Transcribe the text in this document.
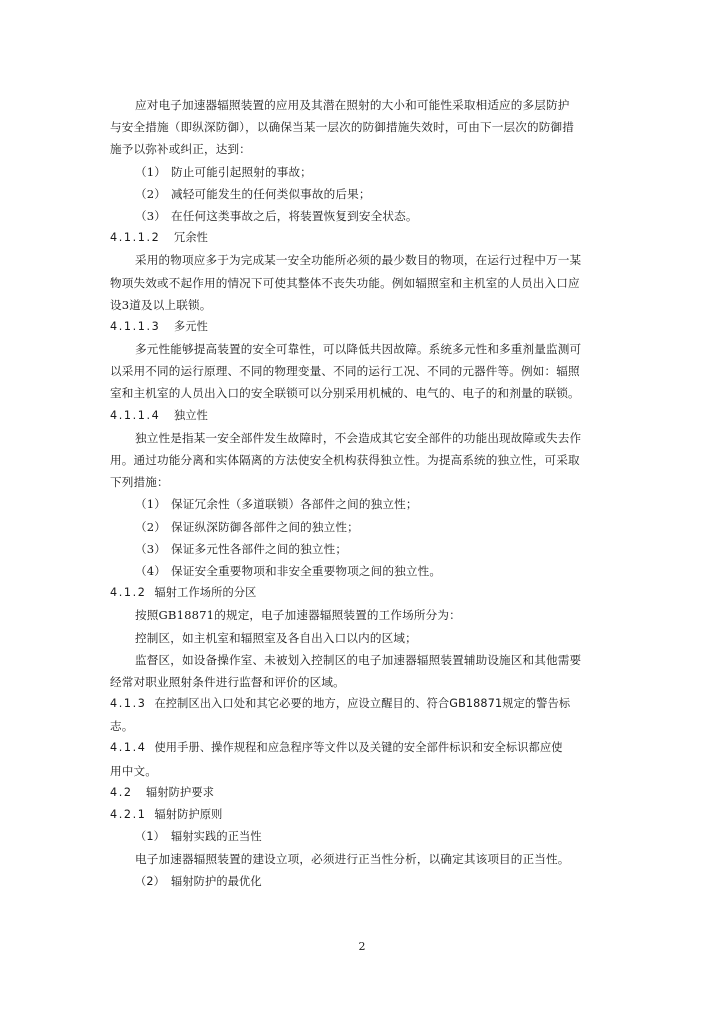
应对电子加速器辐照装置的应用及其潜在照射的大小和可能性采取相适应的多层防护
与安全措施（即纵深防御），以确保当某一层次的防御措施失效时，可由下一层次的防御措
施予以弥补或纠正，达到：
（1） 防止可能引起照射的事故；
（2） 减轻可能发生的任何类似事故的后果；
（3） 在任何这类事故之后，将装置恢复到安全状态。
4.1.1.2 冗余性
采用的物项应多于为完成某一安全功能所必须的最少数目的物项，在运行过程中万一某
物项失效或不起作用的情况下可使其整体不丧失功能。例如辐照室和主机室的人员出入口应
设3道及以上联锁。
4.1.1.3 多元性
多元性能够提高装置的安全可靠性，可以降低共因故障。系统多元性和多重剂量监测可
以采用不同的运行原理、不同的物理变量、不同的运行工况、不同的元器件等。例如：辐照
室和主机室的人员出入口的安全联锁可以分别采用机械的、电气的、电子的和剂量的联锁。
4.1.1.4 独立性
独立性是指某一安全部件发生故障时，不会造成其它安全部件的功能出现故障或失去作
用。通过功能分离和实体隔离的方法使安全机构获得独立性。为提高系统的独立性，可采取
下列措施：
（1） 保证冗余性（多道联锁）各部件之间的独立性；
（2） 保证纵深防御各部件之间的独立性；
（3） 保证多元性各部件之间的独立性；
（4） 保证安全重要物项和非安全重要物项之间的独立性。
4.1.2 辐射工作场所的分区
按照GB18871的规定，电子加速器辐照装置的工作场所分为：
控制区，如主机室和辐照室及各自出入口以内的区域；
监督区，如设备操作室、未被划入控制区的电子加速器辐照装置辅助设施区和其他需要
经常对职业照射条件进行监督和评价的区域。
4.1.3 在控制区出入口处和其它必要的地方，应设立醒目的、符合GB18871规定的警告标
志。
4.1.4 使用手册、操作规程和应急程序等文件以及关键的安全部件标识和安全标识都应使
用中文。
4.2 辐射防护要求
4.2.1 辐射防护原则
（1） 辐射实践的正当性
电子加速器辐照装置的建设立项，必须进行正当性分析，以确定其该项目的正当性。
（2） 辐射防护的最优化
2
